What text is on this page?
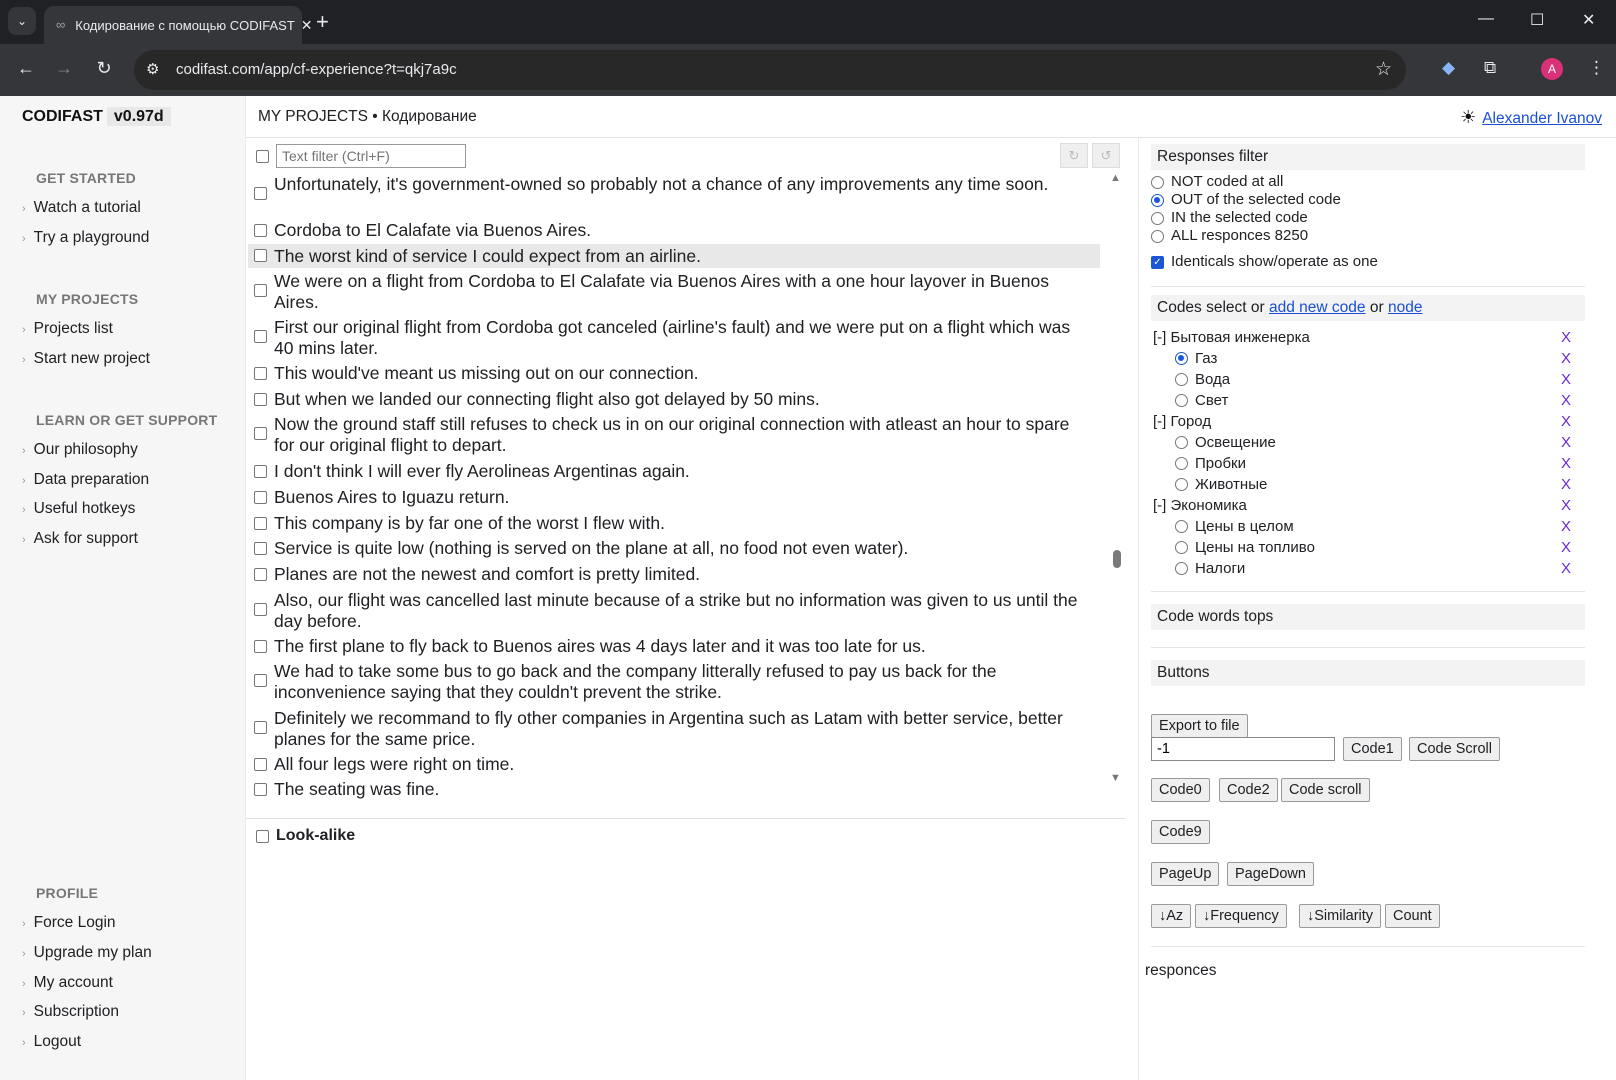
⌄ ∞ Кодирование с помощью CODIFAST ✕ +	— ☐ ✕
← → ↻ ⚙ codifast.com/app/cf-experience?t=qkj7a9c	☆	◆ ⧉	A	⋮
CODIFAST v0.97d
GET STARTED
› Watch a tutorial
› Try a playground
MY PROJECTS
› Projects list
› Start new project
LEARN OR GET SUPPORT
› Our philosophy
› Data preparation
› Useful hotkeys
› Ask for support
PROFILE
› Force Login
› Upgrade my plan
› My account
› Subscription
› Logout
MY PROJECTS • Кодирование	☀ Alexander Ivanov
Text filter (Ctrl+F)
↻	↺
Unfortunately, it's government-owned so probably not a chance of any improvements any time soon.
Cordoba to El Calafate via Buenos Aires.
The worst kind of service I could expect from an airline.
We were on a flight from Cordoba to El Calafate via Buenos Aires with a one hour layover in Buenos Aires.
First our original flight from Cordoba got canceled (airline's fault) and we were put on a flight which was 40 mins later.
This would've meant us missing out on our connection.
But when we landed our connecting flight also got delayed by 50 mins.
Now the ground staff still refuses to check us in on our original connection with atleast an hour to spare for our original flight to depart.
I don't think I will ever fly Aerolineas Argentinas again.
Buenos Aires to Iguazu return.
This company is by far one of the worst I flew with.
Service is quite low (nothing is served on the plane at all, no food not even water).
Planes are not the newest and comfort is pretty limited.
Also, our flight was cancelled last minute because of a strike but no information was given to us until the day before.
The first plane to fly back to Buenos aires was 4 days later and it was too late for us.
We had to take some bus to go back and the company litterally refused to pay us back for the inconvenience saying that they couldn't prevent the strike.
Definitely we recommand to fly other companies in Argentina such as Latam with better service, better planes for the same price.
All four legs were right on time.
The seating was fine.
▲
▼
Look-alike
Responses filter
NOT coded at all
OUT of the selected code
IN the selected code
ALL responces 8250
✓ Identicals show/operate as one
Codes select or add new code or node
[-] Бытовая инженерка	X
Газ	X
Вода	X
Свет	X
[-] Город	X
Освещение	X
Пробки	X
Животные	X
[-] Экономика	X
Цены в целом	X
Цены на топливо	X
Налоги	X
Code words tops
Buttons
Export to file
-1
Code1	Code Scroll
Code0	Code2	Code scroll
Code9
PageUp	PageDown
↓Az	↓Frequency	↓Similarity	Count
responces
